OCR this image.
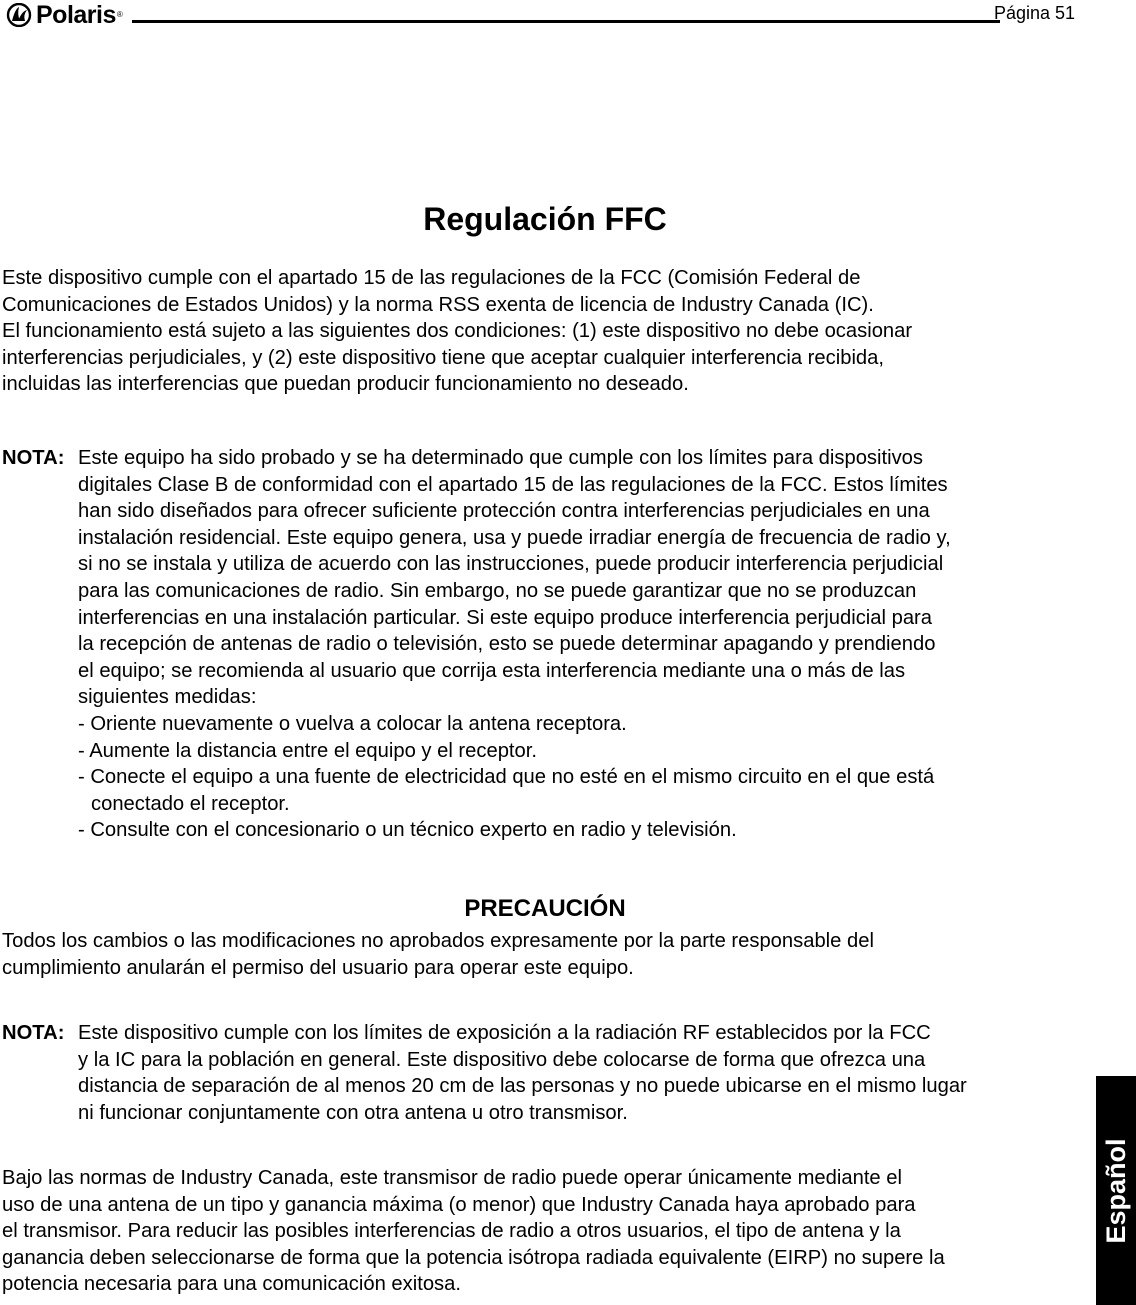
Polaris®	Página 51
Regulación FFC
Este dispositivo cumple con el apartado 15 de las regulaciones de la FCC (Comisión Federal de
Comunicaciones de Estados Unidos) y la norma RSS exenta de licencia de Industry Canada (IC).
El funcionamiento está sujeto a las siguientes dos condiciones: (1) este dispositivo no debe ocasionar
interferencias perjudiciales, y (2) este dispositivo tiene que aceptar cualquier interferencia recibida,
incluidas las interferencias que puedan producir funcionamiento no deseado.
NOTA: Este equipo ha sido probado y se ha determinado que cumple con los límites para dispositivos
digitales Clase B de conformidad con el apartado 15 de las regulaciones de la FCC. Estos límites
han sido diseñados para ofrecer suficiente protección contra interferencias perjudiciales en una
instalación residencial. Este equipo genera, usa y puede irradiar energía de frecuencia de radio y,
si no se instala y utiliza de acuerdo con las instrucciones, puede producir interferencia perjudicial
para las comunicaciones de radio. Sin embargo, no se puede garantizar que no se produzcan
interferencias en una instalación particular. Si este equipo produce interferencia perjudicial para
la recepción de antenas de radio o televisión, esto se puede determinar apagando y prendiendo
el equipo; se recomienda al usuario que corrija esta interferencia mediante una o más de las
siguientes medidas:
- Oriente nuevamente o vuelva a colocar la antena receptora.
- Aumente la distancia entre el equipo y el receptor.
- Conecte el equipo a una fuente de electricidad que no esté en el mismo circuito en el que está
conectado el receptor.
- Consulte con el concesionario o un técnico experto en radio y televisión.
PRECAUCIÓN
Todos los cambios o las modificaciones no aprobados expresamente por la parte responsable del
cumplimiento anularán el permiso del usuario para operar este equipo.
NOTA: Este dispositivo cumple con los límites de exposición a la radiación RF establecidos por la FCC
y la IC para la población en general. Este dispositivo debe colocarse de forma que ofrezca una
distancia de separación de al menos 20 cm de las personas y no puede ubicarse en el mismo lugar
ni funcionar conjuntamente con otra antena u otro transmisor.
Bajo las normas de Industry Canada, este transmisor de radio puede operar únicamente mediante el
uso de una antena de un tipo y ganancia máxima (o menor) que Industry Canada haya aprobado para
el transmisor. Para reducir las posibles interferencias de radio a otros usuarios, el tipo de antena y la
ganancia deben seleccionarse de forma que la potencia isótropa radiada equivalente (EIRP) no supere la
potencia necesaria para una comunicación exitosa.
Español
